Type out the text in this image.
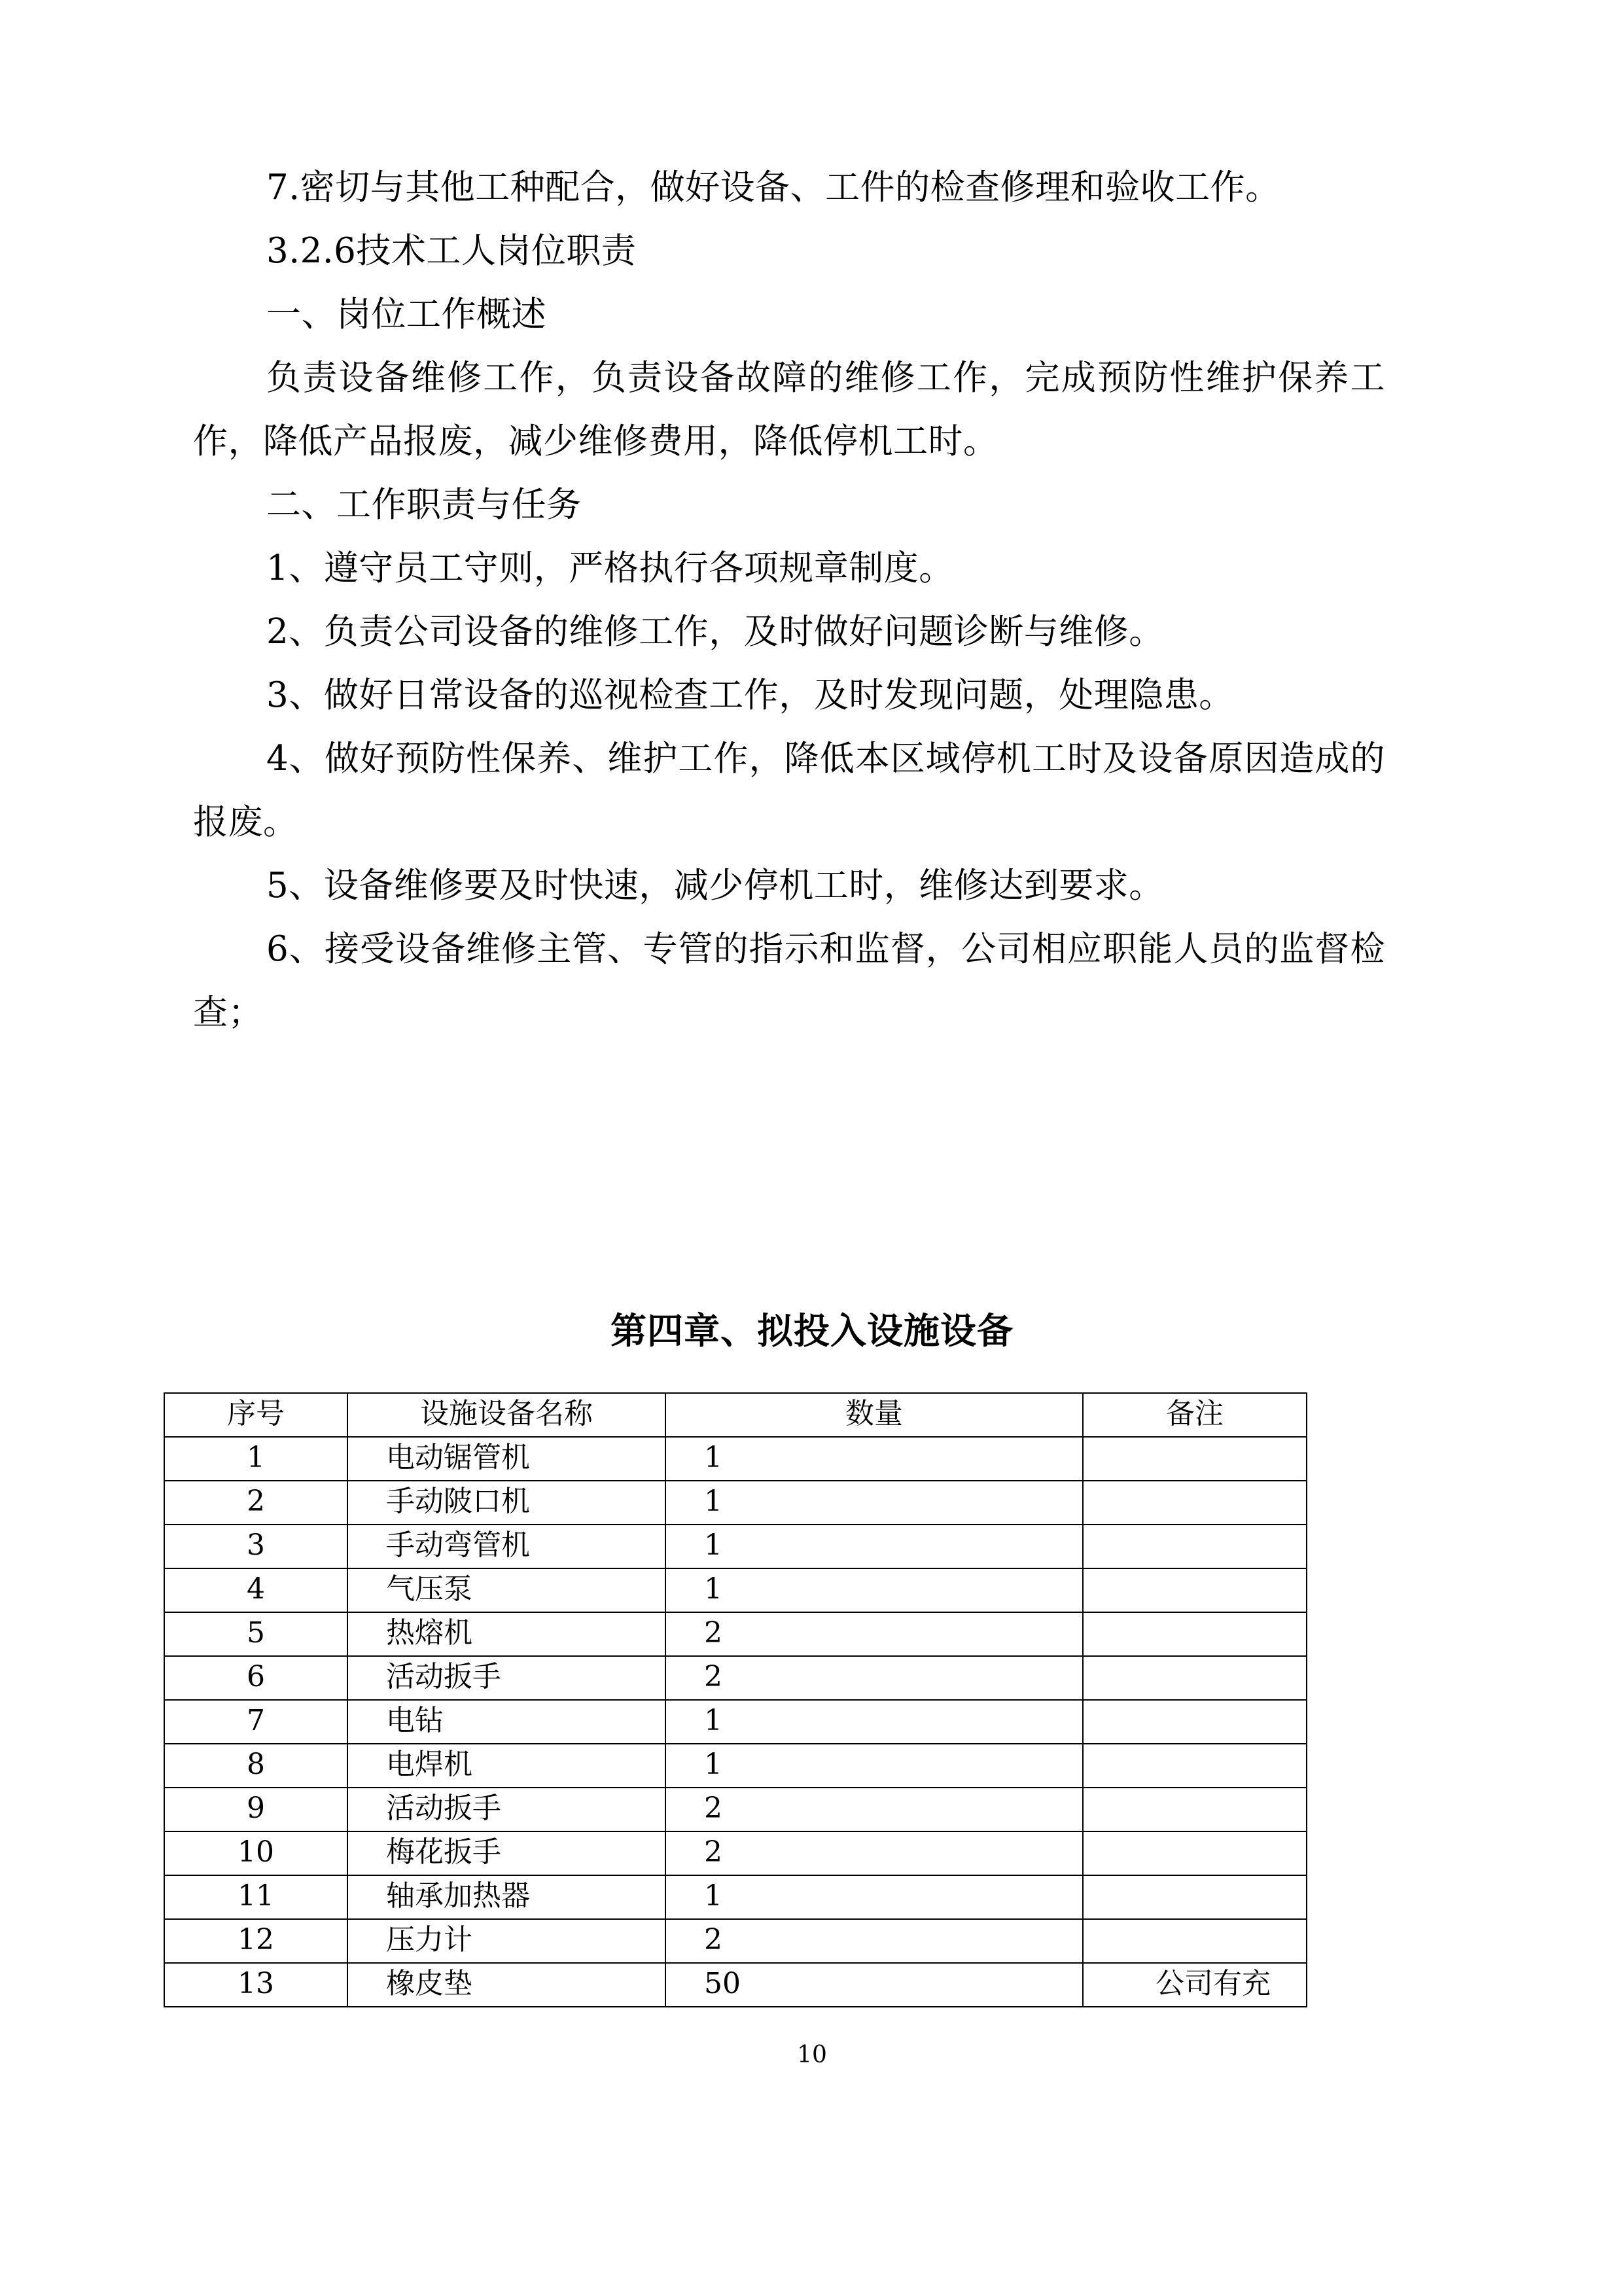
7.密切与其他工种配合，做好设备、工件的检查修理和验收工作。

3.2.6技术工人岗位职责

一、岗位工作概述

负责设备维修工作，负责设备故障的维修工作，完成预防性维护保养工作，降低产品报废，减少维修费用，降低停机工时。

二、工作职责与任务

1、遵守员工守则，严格执行各项规章制度。

2、负责公司设备的维修工作，及时做好问题诊断与维修。

3、做好日常设备的巡视检查工作，及时发现问题，处理隐患。

4、做好预防性保养、维护工作，降低本区域停机工时及设备原因造成的报废。

5、设备维修要及时快速，减少停机工时，维修达到要求。

6、接受设备维修主管、专管的指示和监督，公司相应职能人员的监督检查；

第四章、拟投入设施设备
序号	设施设备名称	数量	备注
1	电动锯管机	1	
2	手动陂口机	1	
3	手动弯管机	1	
4	气压泵	1	
5	热熔机	2	
6	活动扳手	2	
7	电钻	1	
8	电焊机	1	
9	活动扳手	2	
10	梅花扳手	2	
11	轴承加热器	1	
12	压力计	2	
13	橡皮垫	50	公司有充
10
